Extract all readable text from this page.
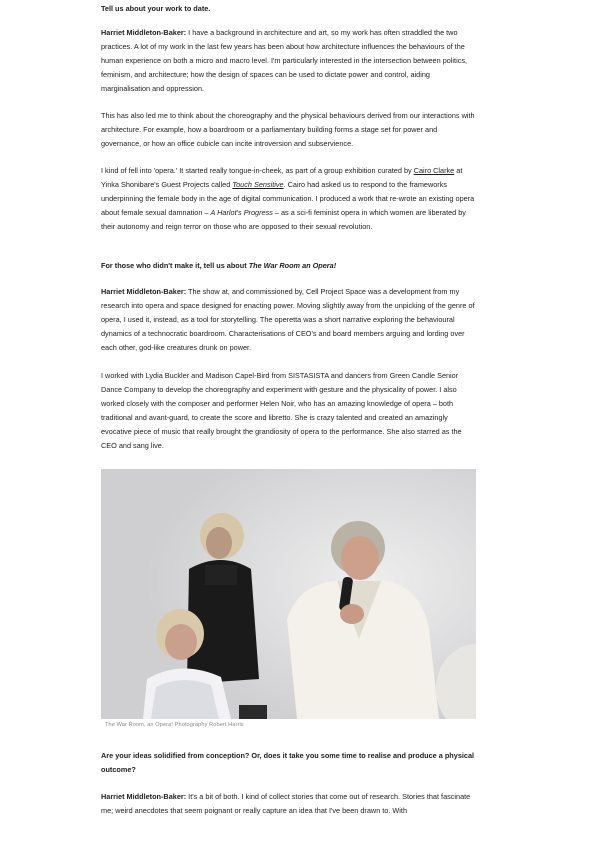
Tell us about your work to date.

Harriet Middleton-Baker: I have a background in architecture and art, so my work has often straddled the two practices. A lot of my work in the last few years has been about how architecture influences the behaviours of the human experience on both a micro and macro level. I'm particularly interested in the intersection between politics, feminism, and architecture; how the design of spaces can be used to dictate power and control, aiding marginalisation and oppression.

This has also led me to think about the choreography and the physical behaviours derived from our interactions with architecture. For example, how a boardroom or a parliamentary building forms a stage set for power and governance, or how an office cubicle can incite introversion and subservience.

I kind of fell into 'opera.' It started really tongue-in-cheek, as part of a group exhibition curated by Cairo Clarke at Yinka Shonibare's Guest Projects called Touch Sensitive. Cairo had asked us to respond to the frameworks underpinning the female body in the age of digital communication. I produced a work that re-wrote an existing opera about female sexual damnation – A Harlot's Progress – as a sci-fi feminist opera in which women are liberated by their autonomy and reign terror on those who are opposed to their sexual revolution.

For those who didn't make it, tell us about The War Room an Opera!

Harriet Middleton-Baker: The show at, and commissioned by, Cell Project Space was a development from my research into opera and space designed for enacting power. Moving slightly away from the unpicking of the genre of opera, I used it, instead, as a tool for storytelling. The operetta was a short narrative exploring the behavioural dynamics of a technocratic boardroom. Characterisations of CEO's and board members arguing and lording over each other, god-like creatures drunk on power.

I worked with Lydia Buckler and Madison Capel-Bird from SISTASISTA and dancers from Green Candle Senior Dance Company to develop the choreography and experiment with gesture and the physicality of power. I also worked closely with the composer and performer Helen Noir, who has an amazing knowledge of opera – both traditional and avant-guard, to create the score and libretto. She is crazy talented and created an amazingly evocative piece of music that really brought the grandiosity of opera to the performance. She also starred as the CEO and sang live.

The War Room, an Opera! Photography Robert Harris

Are your ideas solidified from conception? Or, does it take you some time to realise and produce a physical outcome?

Harriet Middleton-Baker: It's a bit of both. I kind of collect stories that come out of research. Stories that fascinate me; weird anecdotes that seem poignant or really capture an idea that I've been drawn to. With
